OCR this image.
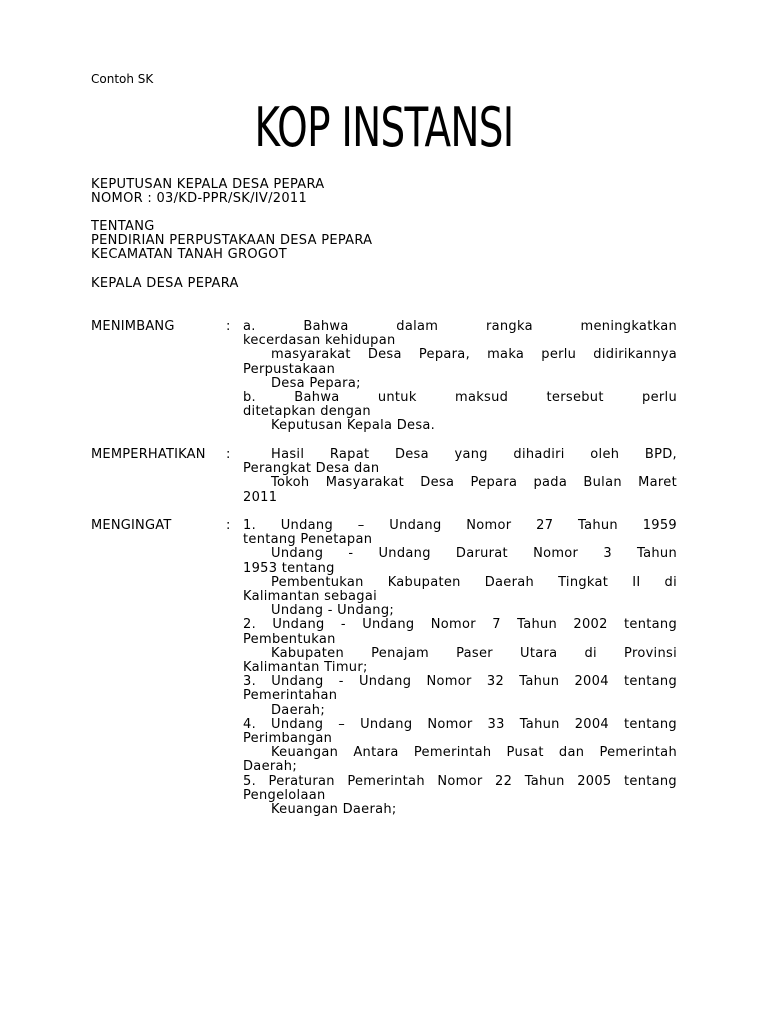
Contoh SK
KOP INSTANSI
KEPUTUSAN KEPALA DESA PEPARA
NOMOR : 03/KD-PPR/SK/IV/2011
TENTANG
PENDIRIAN PERPUSTAKAAN DESA PEPARA
KECAMATAN TANAH GROGOT
KEPALA DESA PEPARA
MENIMBANG	: a. Bahwa dalam rangka meningkatkan
kecerdasan kehidupan
masyarakat Desa Pepara, maka perlu didirikannya
Perpustakaan
Desa Pepara;
b. Bahwa untuk maksud tersebut perlu
ditetapkan dengan
Keputusan Kepala Desa.
MEMPERHATIKAN :	Hasil Rapat Desa yang dihadiri oleh BPD,
Perangkat Desa dan
Tokoh Masyarakat Desa Pepara pada Bulan Maret
2011
MENGINGAT	: 1. Undang – Undang Nomor 27 Tahun 1959
tentang Penetapan
Undang - Undang Darurat Nomor 3 Tahun
1953 tentang
Pembentukan Kabupaten Daerah Tingkat II di
Kalimantan sebagai
Undang - Undang;
2. Undang - Undang Nomor 7 Tahun 2002 tentang
Pembentukan
Kabupaten Penajam Paser Utara di Provinsi
Kalimantan Timur;
3. Undang - Undang Nomor 32 Tahun 2004 tentang
Pemerintahan
Daerah;
4. Undang – Undang Nomor 33 Tahun 2004 tentang
Perimbangan
Keuangan Antara Pemerintah Pusat dan Pemerintah
Daerah;
5. Peraturan Pemerintah Nomor 22 Tahun 2005 tentang
Pengelolaan
Keuangan Daerah;
